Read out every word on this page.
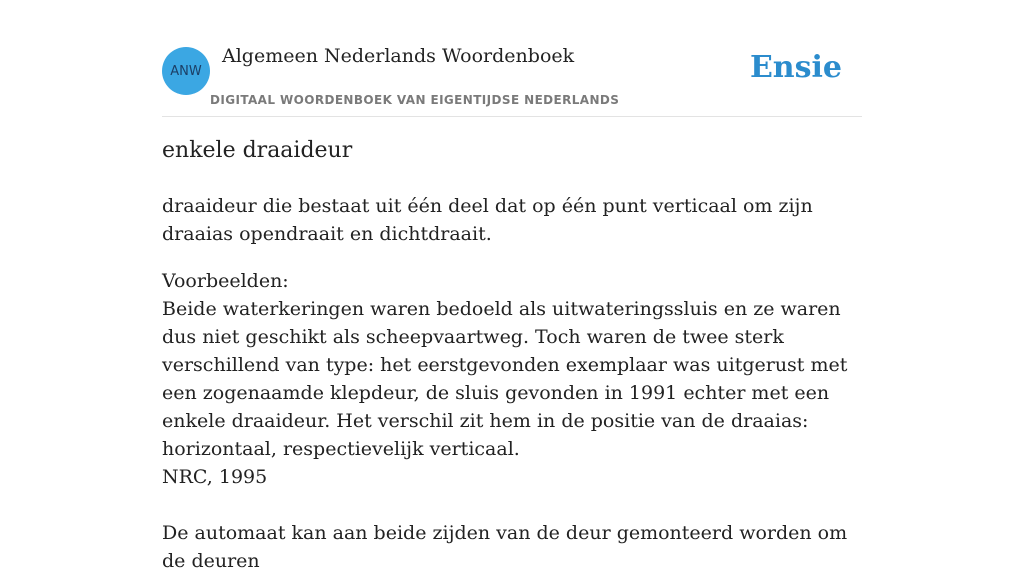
ANW
Algemeen Nederlands Woordenboek
DIGITAAL WOORDENBOEK VAN EIGENTIJDSE NEDERLANDS
Ensie
enkele draaideur

draaideur die bestaat uit één deel dat op één punt verticaal om zijn draaias opendraait en dichtdraait.

Voorbeelden:

Beide waterkeringen waren bedoeld als uitwateringssluis en ze waren dus niet geschikt als scheepvaartweg. Toch waren de twee sterk verschillend van type: het eerstgevonden exemplaar was uitgerust met een zogenaamde klepdeur, de sluis gevonden in 1991 echter met een enkele draaideur. Het verschil zit hem in de positie van de draaias: horizontaal, respectievelijk verticaal.

NRC, 1995

De automaat kan aan beide zijden van de deur gemonteerd worden om de deuren
